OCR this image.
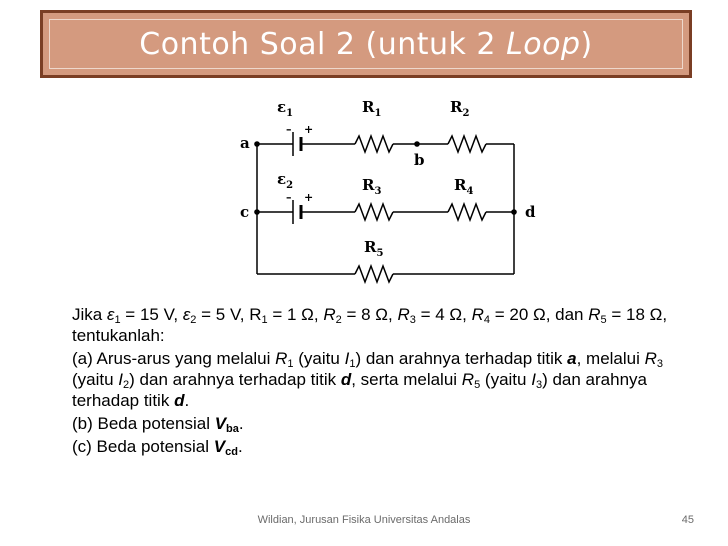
Contoh Soal 2 (untuk 2 Loop)
$\varepsilon_1$	$R_1$	$R_2$
$\varepsilon_2$	$R_3$	$R_4$
$R_5$
a
b
c	d
– +
– +

Jika $\varepsilon_1 = 15$ V, $\varepsilon_2 = 5$ V, $R_1 = 1$ Ω, $R_2 = 8$ Ω, $R_3 = 4$ Ω, $R_4 = 20$ Ω, dan $R_5 = 18$ Ω, tentukanlah:

(a) Arus-arus yang melalui $R_1$ (yaitu $I_1$) dan arahnya terhadap titik a, melalui $R_3$ (yaitu $I_2$) dan arahnya terhadap titik d, serta melalui $R_5$ (yaitu $I_3$) dan arahnya terhadap titik d.

(b) Beda potensial $V_{ba}$.

(c) Beda potensial $V_{cd}$.

Wildian, Jurusan Fisika Universitas Andalas	45
